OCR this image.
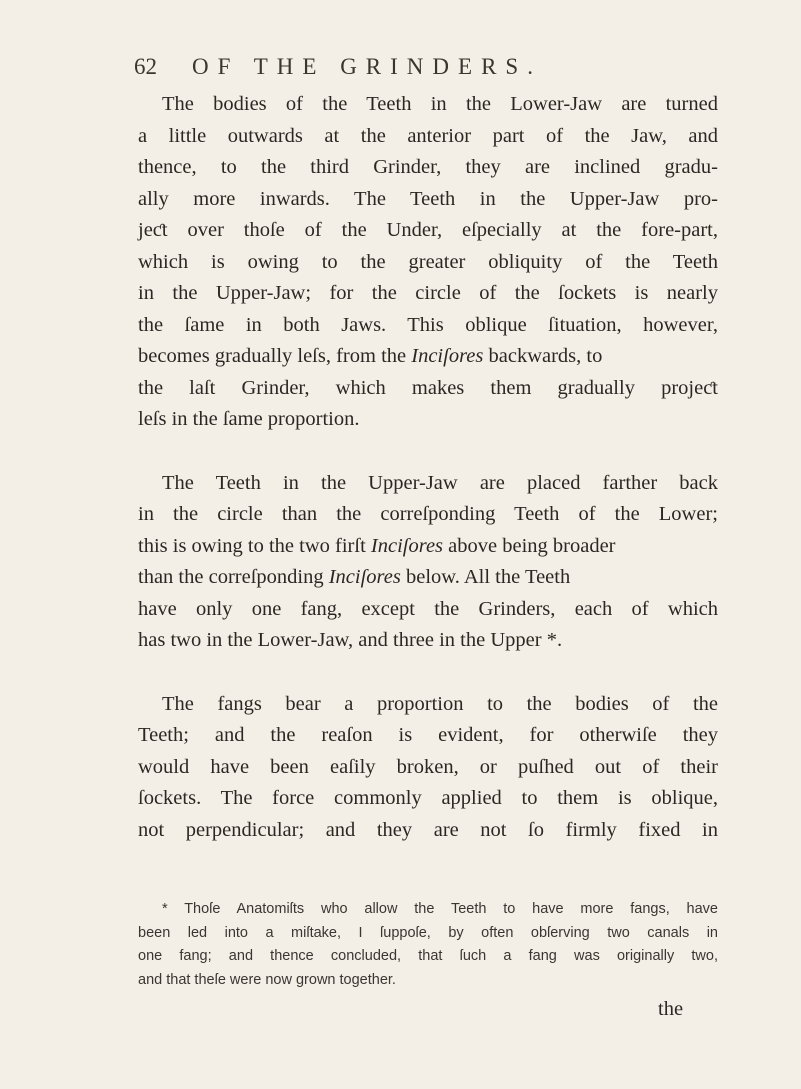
62 OF THE GRINDERS.
The bodies of the Teeth in the Lower-Jaw are turned
a little outwards at the anterior part of the Jaw, and
thence, to the third Grinder, they are inclined gradu-
ally more inwards. The Teeth in the Upper-Jaw pro-
jeƈt over thoſe of the Under, eſpecially at the fore-part,
which is owing to the greater obliquity of the Teeth
in the Upper-Jaw; for the circle of the ſockets is nearly
the ſame in both Jaws. This oblique ſituation, however,
becomes gradually leſs, from the Inciſores backwards, to
the laſt Grinder, which makes them gradually projeƈt
leſs in the ſame proportion.
The Teeth in the Upper-Jaw are placed farther back
in the circle than the correſponding Teeth of the Lower;
this is owing to the two firſt Inciſores above being broader
than the correſponding Inciſores below. All the Teeth
have only one fang, except the Grinders, each of which
has two in the Lower-Jaw, and three in the Upper *.
The fangs bear a proportion to the bodies of the
Teeth; and the reaſon is evident, for otherwiſe they
would have been eaſily broken, or puſhed out of their
ſockets. The force commonly applied to them is oblique,
not perpendicular; and they are not ſo firmly fixed in
* Thoſe Anatomiſts who allow the Teeth to have more fangs, have
been led into a miſtake, I ſuppoſe, by often obſerving two canals in
one fang; and thence concluded, that ſuch a fang was originally two,
and that theſe were now grown together.
the
